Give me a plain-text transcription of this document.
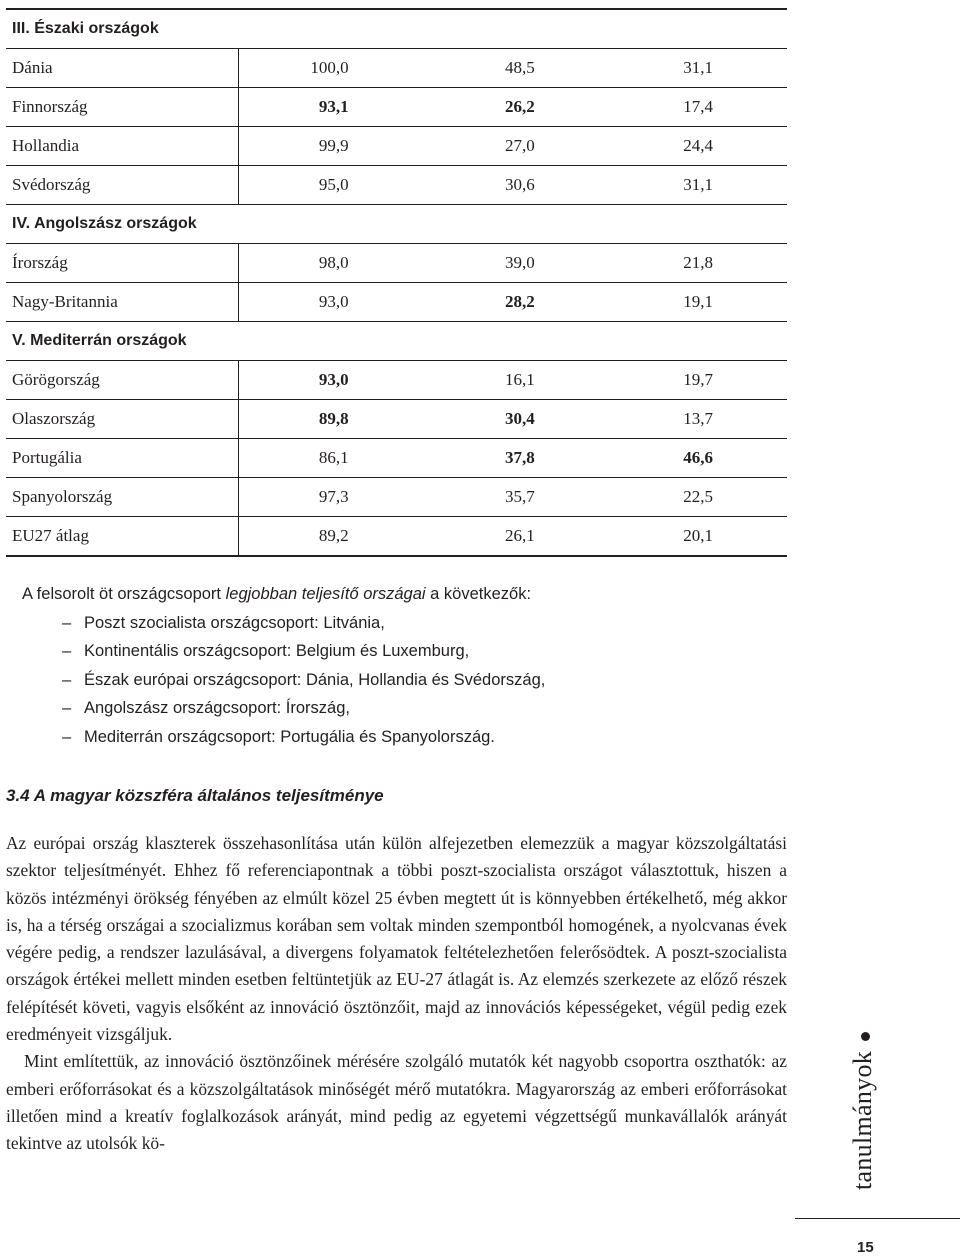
III. Északi országok			
Dánia	100,0	48,5	31,1
Finnország	93,1	26,2	17,4
Hollandia	99,9	27,0	24,4
Svédország	95,0	30,6	31,1
IV. Angolszász országok			
Írország	98,0	39,0	21,8
Nagy-Britannia	93,0	28,2	19,1
V. Mediterrán országok			
Görögország	93,0	16,1	19,7
Olaszország	89,8	30,4	13,7
Portugália	86,1	37,8	46,6
Spanyolország	97,3	35,7	22,5
EU27 átlag	89,2	26,1	20,1
A felsorolt öt országcsoport legjobban teljesítő országai a következők:
– Poszt szocialista országcsoport: Litvánia,
– Kontinentális országcsoport: Belgium és Luxemburg,
– Észak európai országcsoport: Dánia, Hollandia és Svédország,
– Angolszász országcsoport: Írország,
– Mediterrán országcsoport: Portugália és Spanyolország.
3.4 A magyar közszféra általános teljesítménye

Az európai ország klaszterek összehasonlítása után külön alfejezetben elemezzük a magyar közszolgáltatási szektor teljesítményét. Ehhez fő referenciapontnak a többi poszt-szocialista országot választottuk, hiszen a közös intézményi örökség fényében az elmúlt közel 25 évben megtett út is könnyebben értékelhető, még akkor is, ha a térség országai a szocializmus korában sem voltak minden szempontból homogének, a nyolcvanas évek végére pedig, a rendszer lazulásával, a divergens folyamatok feltételezhetően felerősödtek. A poszt-szocialista országok értékei mellett minden esetben feltüntetjük az EU-27 átlagát is. Az elemzés szerkezete az előző részek felépítését követi, vagyis elsőként az innováció ösztönzőit, majd az innovációs képességeket, végül pedig ezek eredményeit vizsgáljuk.

Mint említettük, az innováció ösztönzőinek mérésére szolgáló mutatók két nagyobb csoportra oszthatók: az emberi erőforrásokat és a közszolgáltatások minőségét mérő mutatókra. Magyarország az emberi erőforrásokat illetően mind a kreatív foglalkozások arányát, mind pedig az egyetemi végzettségű munkavállalók arányát tekintve az utolsók kö-	tanulmányok
15
